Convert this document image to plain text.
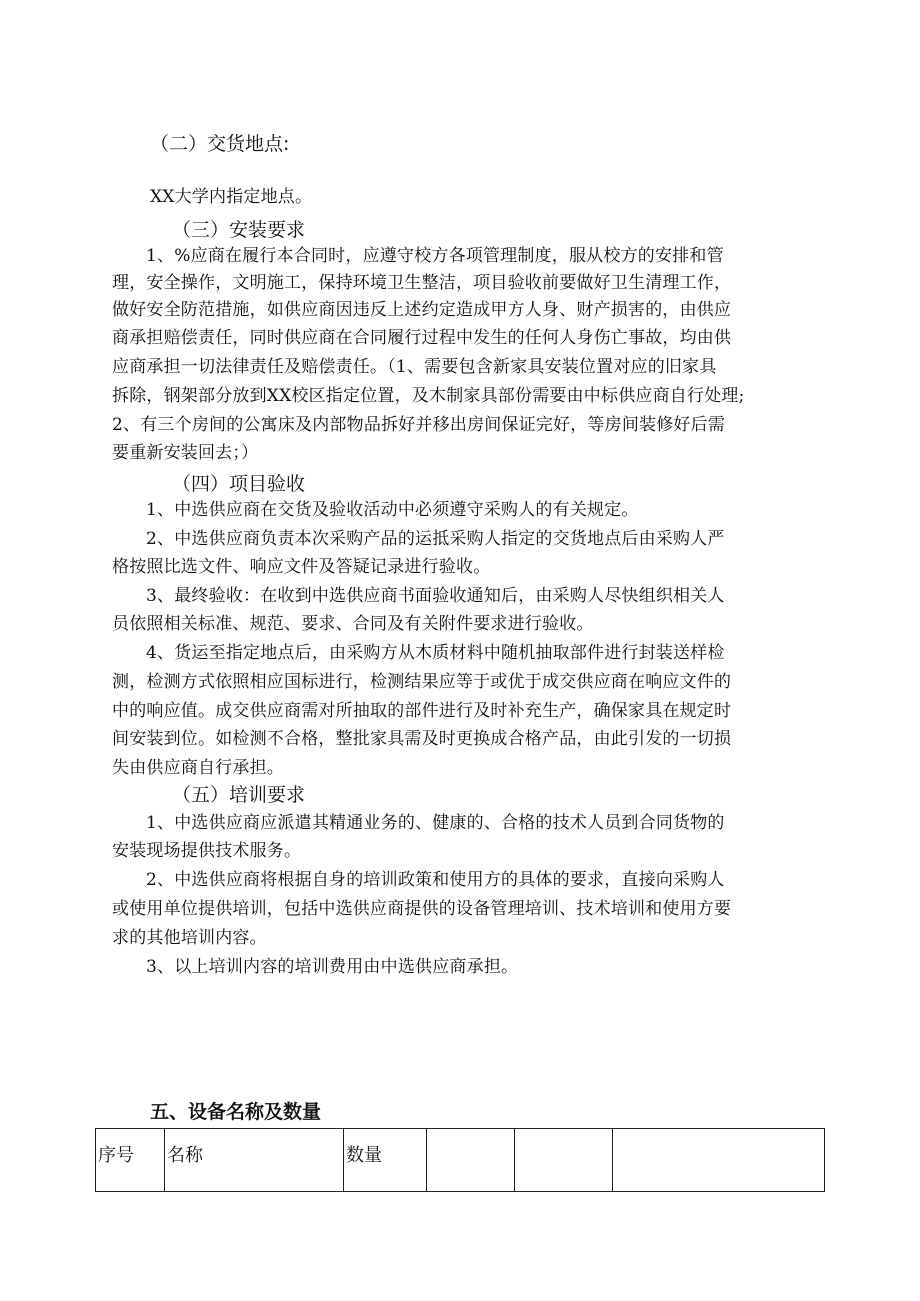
（二）交货地点:

XX大学内指定地点。

（三）安装要求

1、%应商在履行本合同时，应遵守校方各项管理制度，服从校方的安排和管

理，安全操作，文明施工，保持环境卫生整洁，项目验收前要做好卫生清理工作，

做好安全防范措施，如供应商因违反上述约定造成甲方人身、财产损害的，由供应

商承担赔偿责任，同时供应商在合同履行过程中发生的任何人身伤亡事故，均由供

应商承担一切法律责任及赔偿责任。（1、需要包含新家具安装位置对应的旧家具

拆除，钢架部分放到XX校区指定位置，及木制家具部份需要由中标供应商自行处理;

2、有三个房间的公寓床及内部物品拆好并移出房间保证完好，等房间装修好后需

要重新安装回去；）

（四）项目验收

1、中选供应商在交货及验收活动中必须遵守采购人的有关规定。

2、中选供应商负责本次采购产品的运抵采购人指定的交货地点后由采购人严

格按照比选文件、响应文件及答疑记录进行验收。

3、最终验收：在收到中选供应商书面验收通知后，由采购人尽快组织相关人

员依照相关标准、规范、要求、合同及有关附件要求进行验收。

4、货运至指定地点后，由采购方从木质材料中随机抽取部件进行封装送样检

测，检测方式依照相应国标进行，检测结果应等于或优于成交供应商在响应文件的

中的响应值。成交供应商需对所抽取的部件进行及时补充生产，确保家具在规定时

间安装到位。如检测不合格，整批家具需及时更换成合格产品，由此引发的一切损

失由供应商自行承担。

（五）培训要求

1、中选供应商应派遣其精通业务的、健康的、合格的技术人员到合同货物的

安装现场提供技术服务。

2、中选供应商将根据自身的培训政策和使用方的具体的要求，直接向采购人

或使用单位提供培训，包括中选供应商提供的设备管理培训、技术培训和使用方要

求的其他培训内容。

3、以上培训内容的培训费用由中选供应商承担。

五、设备名称及数量
序号	名称	数量			
